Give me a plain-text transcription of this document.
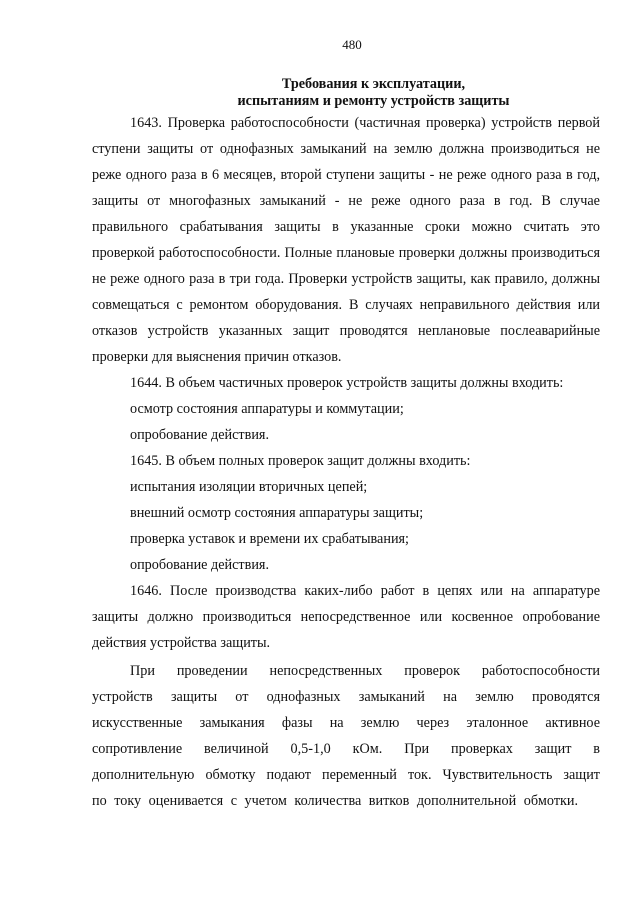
480
Требования к эксплуатации,
испытаниям и ремонту устройств защиты

1643. Проверка работоспособности (частичная проверка) устройств первой ступени защиты от однофазных замыканий на землю должна производиться не реже одного раза в 6 месяцев, второй ступени защиты - не реже одного раза в год, защиты от многофазных замыканий - не реже одного раза в год. В случае правильного срабатывания защиты в указанные сроки можно считать это проверкой работоспособности. Полные плановые проверки должны производиться не реже одного раза в три года. Проверки устройств защиты, как правило, должны совмещаться с ремонтом оборудования. В случаях неправильного действия или отказов устройств указанных защит проводятся неплановые послеаварийные проверки для выяснения причин отказов.

1644. В объем частичных проверок устройств защиты должны входить:

осмотр состояния аппаратуры и коммутации;

опробование действия.

1645. В объем полных проверок защит должны входить:

испытания изоляции вторичных цепей;

внешний осмотр состояния аппаратуры защиты;

проверка уставок и времени их срабатывания;

опробование действия.

1646. После производства каких-либо работ в цепях или на аппаратуре защиты должно производиться непосредственное или косвенное опробование действия устройства защиты.

При проведении непосредственных проверок работоспособности устройств защиты от однофазных замыканий на землю проводятся искусственные замыкания фазы на землю через эталонное активное сопротивление величиной 0,5-1,0 кОм. При проверках защит в дополнительную обмотку подают переменный ток. Чувствительность защит по току оценивается с учетом количества витков дополнительной обмотки.
